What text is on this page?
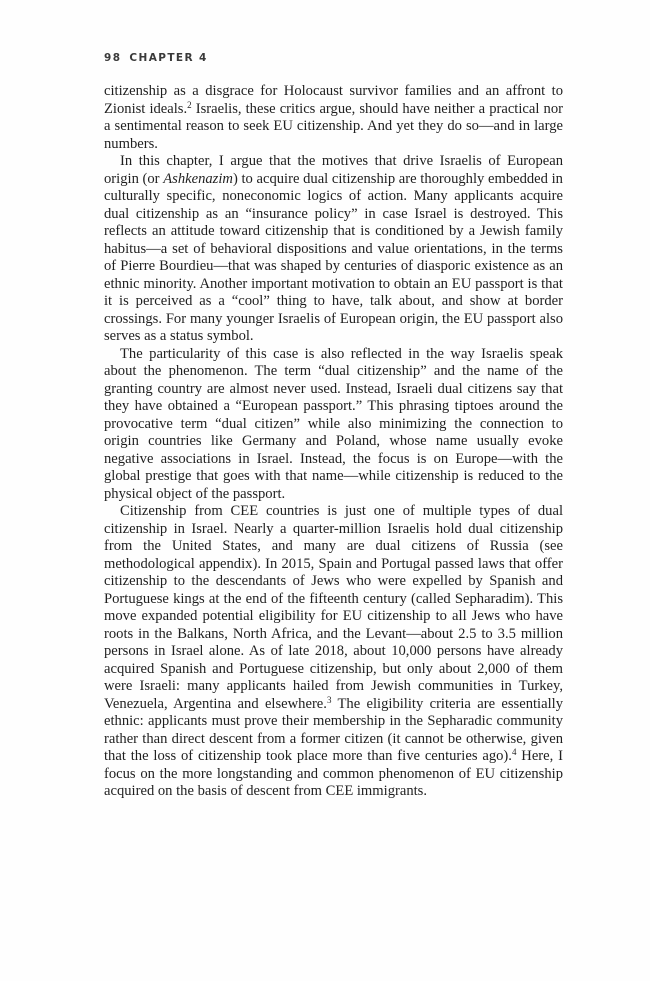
98 CHAPTER 4

citizenship as a disgrace for Holocaust survivor families and an affront to Zionist ideals.$^2$ Israelis, these critics argue, should have neither a practical nor a sentimental reason to seek EU citizenship. And yet they do so—and in large numbers.

In this chapter, I argue that the motives that drive Israelis of European origin (or Ashkenazim) to acquire dual citizenship are thoroughly embedded in culturally specific, noneconomic logics of action. Many applicants acquire dual citizenship as an “insurance policy” in case Israel is destroyed. This reflects an attitude toward citizenship that is conditioned by a Jewish family habitus—a set of behavioral dispositions and value orientations, in the terms of Pierre Bourdieu—that was shaped by centuries of diasporic existence as an ethnic minority. Another important motivation to obtain an EU passport is that it is perceived as a “cool” thing to have, talk about, and show at border crossings. For many younger Israelis of European origin, the EU passport also serves as a status symbol.

The particularity of this case is also reflected in the way Israelis speak about the phenomenon. The term “dual citizenship” and the name of the granting country are almost never used. Instead, Israeli dual citizens say that they have obtained a “European passport.” This phrasing tiptoes around the provocative term “dual citizen” while also minimizing the connection to origin countries like Germany and Poland, whose name usually evoke negative associations in Israel. Instead, the focus is on Europe—with the global prestige that goes with that name—while citizenship is reduced to the physical object of the passport.

Citizenship from CEE countries is just one of multiple types of dual citizenship in Israel. Nearly a quarter-million Israelis hold dual citizenship from the United States, and many are dual citizens of Russia (see methodological appendix). In 2015, Spain and Portugal passed laws that offer citizenship to the descendants of Jews who were expelled by Spanish and Portuguese kings at the end of the fifteenth century (called Sepharadim). This move expanded potential eligibility for EU citizenship to all Jews who have roots in the Balkans, North Africa, and the Levant—about 2.5 to 3.5 million persons in Israel alone. As of late 2018, about 10,000 persons have already acquired Spanish and Portuguese citizenship, but only about 2,000 of them were Israeli: many applicants hailed from Jewish communities in Turkey, Venezuela, Argentina and elsewhere.$^3$ The eligibility criteria are essentially ethnic: applicants must prove their membership in the Sepharadic community rather than direct descent from a former citizen (it cannot be otherwise, given that the loss of citizenship took place more than five centuries ago).$^4$ Here, I focus on the more longstanding and common phenomenon of EU citizenship acquired on the basis of descent from CEE immigrants.
